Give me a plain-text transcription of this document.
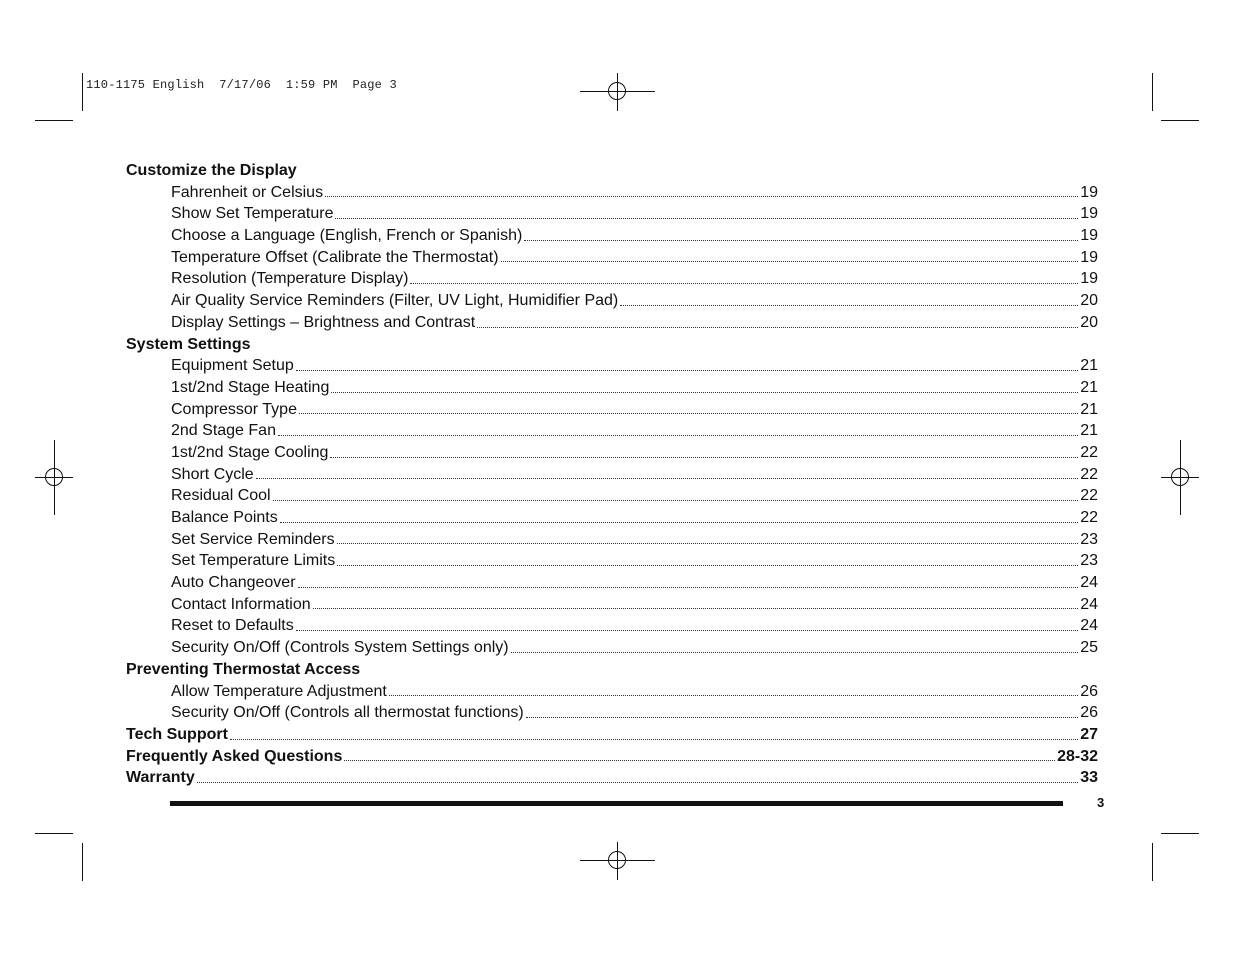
110-1175 English  7/17/06  1:59 PM  Page 3
Customize the Display
Fahrenheit or Celsius	19
Show Set Temperature	19
Choose a Language (English, French or Spanish)	19
Temperature Offset (Calibrate the Thermostat)	19
Resolution (Temperature Display)	19
Air Quality Service Reminders (Filter, UV Light, Humidifier Pad)	20
Display Settings – Brightness and Contrast	20
System Settings
Equipment Setup	21
1st/2nd Stage Heating	21
Compressor Type	21
2nd Stage Fan	21
1st/2nd Stage Cooling	22
Short Cycle	22
Residual Cool	22
Balance Points	22
Set Service Reminders	23
Set Temperature Limits	23
Auto Changeover	24
Contact Information	24
Reset to Defaults	24
Security On/Off (Controls System Settings only)	25
Preventing Thermostat Access
Allow Temperature Adjustment	26
Security On/Off (Controls all thermostat functions)	26
Tech Support	27
Frequently Asked Questions	28-32
Warranty	33
3
